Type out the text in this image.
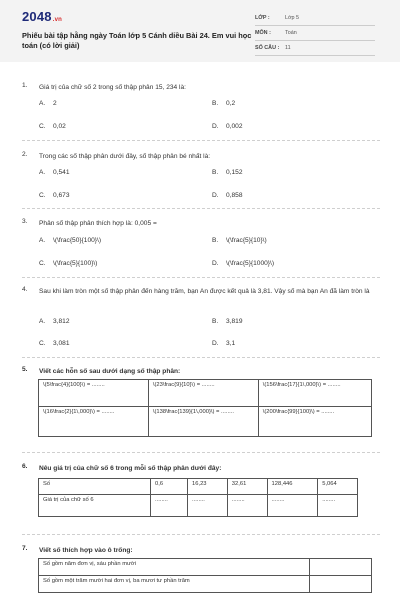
2048.vn
Phiếu bài tập hằng ngày Toán lớp 5 Cánh diều Bài 24. Em vui học toán (có lời giải)
LỚP :	Lớp 5
MÔN :	Toán
SỐ CÂU : 11
1. Giá trị của chữ số 2 trong số thập phân 15, 234 là:
A. 2	B. 0,2
C. 0,02	D. 0,002
2. Trong các số thập phân dưới đây, số thập phân bé nhất là:
A. 0,541	B. 0,152
C. 0,673	D. 0,858
3. Phân số thập phân thích hợp là: 0,005 =
A. \(\frac{50}{100}\)	B. \(\frac{5}{10}\)
C. \(\frac{5}{100}\)	D. \(\frac{5}{1000}\)
4. Sau khi làm tròn một số thập phân đến hàng trăm, bạn An được kết quả là 3,81. Vậy số mà bạn An đã làm tròn là
A. 3,812	B. 3,819
C. 3,081	D. 3,1
5. Viết các hỗn số sau dưới dạng số thập phân:
\(5\frac{4}{100}\) = ........	\(23\frac{9}{10}\) = ........	\(156\frac{17}{1\,000}\) = ........
\(16\frac{2}{1\,000}\) = ........	\(138\frac{139}{1\,000}\) = ........	\(200\frac{99}{100}\) = ........
6. Nêu giá trị của chữ số 6 trong mỗi số thập phân dưới đây:
Số	0,6	16,23	32,61	128,446	5,064
Giá trị của chữ số 6	........	........	........	........	........
7. Viết số thích hợp vào ô trống:
Số gồm năm đơn vị, sáu phần mười	
Số gồm một trăm mười hai đơn vị, ba mươi tư phần trăm	
